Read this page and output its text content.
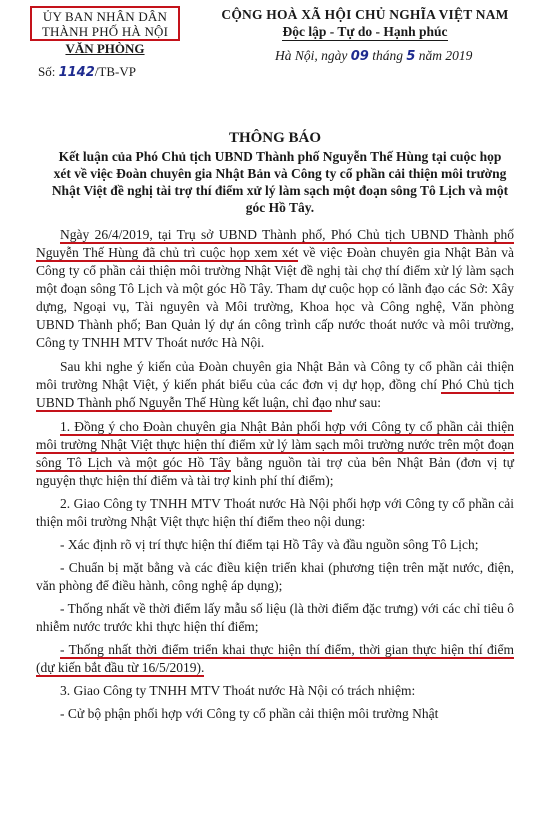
ỦY BAN NHÂN DÂN
THÀNH PHỐ HÀ NỘI
VĂN PHÒNG
Số: 1142/TB-VP
CỘNG HOÀ XÃ HỘI CHỦ NGHĨA VIỆT NAM
Độc lập - Tự do - Hạnh phúc
Hà Nội, ngày 09 tháng 5 năm 2019
THÔNG BÁO
Kết luận của Phó Chủ tịch UBND Thành phố Nguyễn Thế Hùng tại cuộc họp xét về việc Đoàn chuyên gia Nhật Bản và Công ty cổ phần cải thiện môi trường Nhật Việt đề nghị tài trợ thí điểm xử lý làm sạch một đoạn sông Tô Lịch và một góc Hồ Tây.

Ngày 26/4/2019, tại Trụ sở UBND Thành phố, Phó Chủ tịch UBND Thành phố Nguyễn Thế Hùng đã chủ trì cuộc họp xem xét về việc Đoàn chuyên gia Nhật Bản và Công ty cổ phần cải thiện môi trường Nhật Việt đề nghị tài chợ thí điểm xử lý làm sạch một đoạn sông Tô Lịch và một góc Hồ Tây. Tham dự cuộc họp có lãnh đạo các Sở: Xây dựng, Ngoại vụ, Tài nguyên và Môi trường, Khoa học và Công nghệ, Văn phòng UBND Thành phố; Ban Quản lý dự án công trình cấp nước thoát nước và môi trường, Công ty TNHH MTV Thoát nước Hà Nội.

Sau khi nghe ý kiến của Đoàn chuyên gia Nhật Bản và Công ty cổ phần cải thiện môi trường Nhật Việt, ý kiến phát biểu của các đơn vị dự họp, đồng chí Phó Chủ tịch UBND Thành phố Nguyễn Thế Hùng kết luận, chỉ đạo như sau:

1. Đồng ý cho Đoàn chuyên gia Nhật Bản phối hợp với Công ty cổ phần cải thiện môi trường Nhật Việt thực hiện thí điểm xử lý làm sạch môi trường nước trên một đoạn sông Tô Lịch và một góc Hồ Tây bằng nguồn tài trợ của bên Nhật Bản (đơn vị tự nguyện thực hiện thí điểm và tài trợ kinh phí thí điểm);

2. Giao Công ty TNHH MTV Thoát nước Hà Nội phối hợp với Công ty cổ phần cải thiện môi trường Nhật Việt thực hiện thí điểm theo nội dung:

- Xác định rõ vị trí thực hiện thí điểm tại Hồ Tây và đầu nguồn sông Tô Lịch;

- Chuẩn bị mặt bằng và các điều kiện triển khai (phương tiện trên mặt nước, điện, văn phòng để điều hành, công nghệ áp dụng);

- Thống nhất về thời điểm lấy mẫu số liệu (là thời điểm đặc trưng) với các chỉ tiêu ô nhiễm nước trước khi thực hiện thí điểm;

- Thống nhất thời điểm triển khai thực hiện thí điểm, thời gian thực hiện thí điểm (dự kiến bắt đầu từ 16/5/2019).

3. Giao Công ty TNHH MTV Thoát nước Hà Nội có trách nhiệm:

- Cử bộ phận phối hợp với Công ty cổ phần cải thiện môi trường Nhật
